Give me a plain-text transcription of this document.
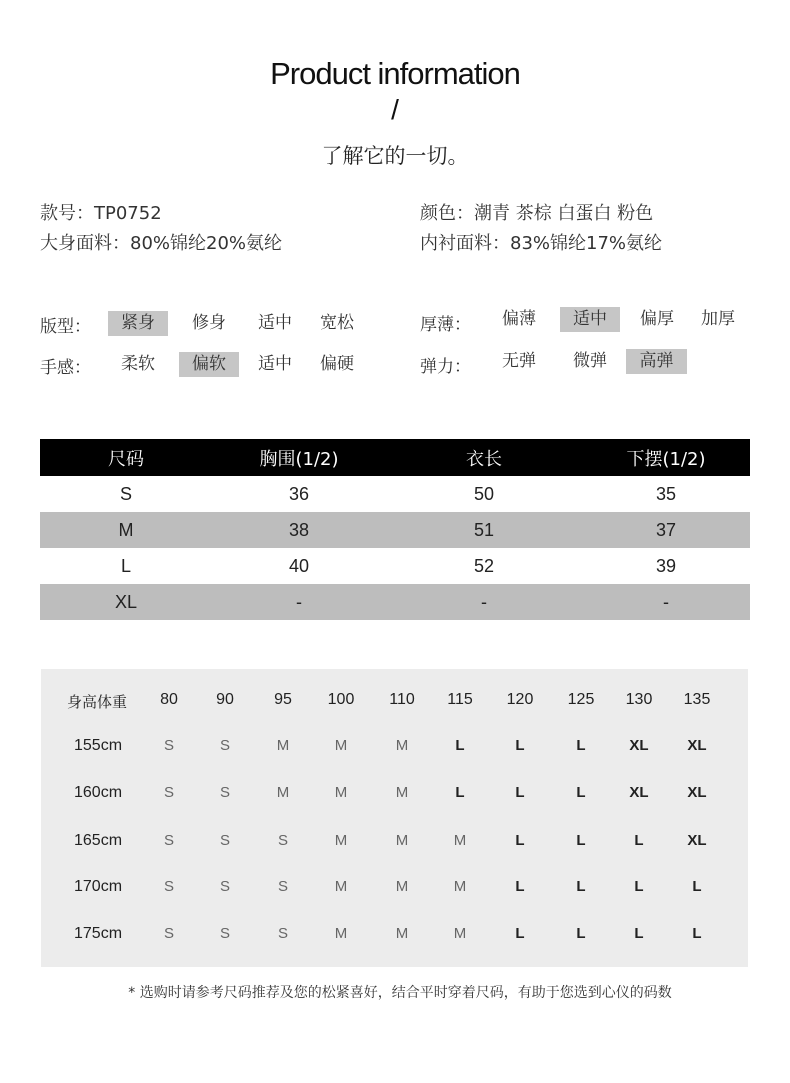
Product information
/
了解它的一切。
款号：TP0752	颜色：潮青 茶棕 白蛋白 粉色
大身面料：80%锦纶20%氨纶	内衬面料：83%锦纶17%氨纶
版型：	紧身	修身	适中	宽松	厚薄：	偏薄	适中	偏厚	加厚
手感：	柔软	偏软	适中	偏硬	弹力：	无弹	微弹	高弹
尺码	胸围(1/2)	衣长	下摆(1/2)
S	36	50	35
M	38	51	37
L	40	52	39
XL	-	-	-
身高体重	80	90	95	100	110	115	120	125	130	135
155cm	S	S	M	M	M	L	L	L	XL	XL
160cm	S	S	M	M	M	L	L	L	XL	XL
165cm	S	S	S	M	M	M	L	L	L	XL
170cm	S	S	S	M	M	M	L	L	L	L
175cm	S	S	S	M	M	M	L	L	L	L
* 选购时请参考尺码推荐及您的松紧喜好，结合平时穿着尺码，有助于您选到心仪的码数
